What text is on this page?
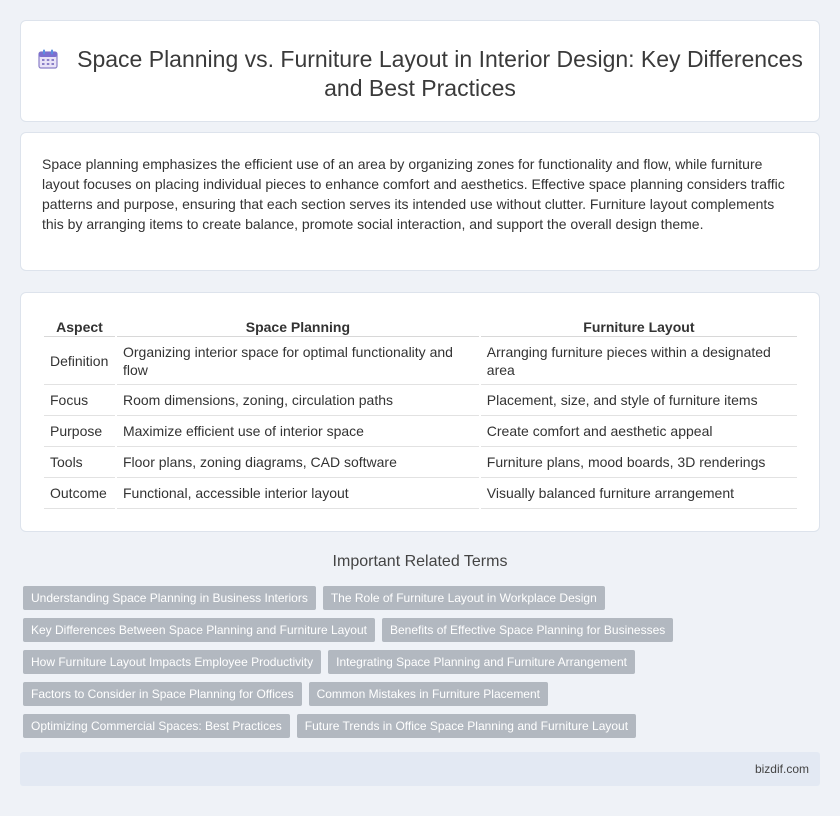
Space Planning vs. Furniture Layout in Interior Design: Key Differences and Best Practices

Space planning emphasizes the efficient use of an area by organizing zones for functionality and flow, while furniture layout focuses on placing individual pieces to enhance comfort and aesthetics. Effective space planning considers traffic patterns and purpose, ensuring that each section serves its intended use without clutter. Furniture layout complements this by arranging items to create balance, promote social interaction, and support the overall design theme.

Aspect	Space Planning	Furniture Layout
Definition	Organizing interior space for optimal functionality and flow	Arranging furniture pieces within a designated area
Focus	Room dimensions, zoning, circulation paths	Placement, size, and style of furniture items
Purpose	Maximize efficient use of interior space	Create comfort and aesthetic appeal
Tools	Floor plans, zoning diagrams, CAD software	Furniture plans, mood boards, 3D renderings
Outcome	Functional, accessible interior layout	Visually balanced furniture arrangement
Important Related Terms
Understanding Space Planning in Business Interiors	The Role of Furniture Layout in Workplace Design
Key Differences Between Space Planning and Furniture Layout	Benefits of Effective Space Planning for Businesses
How Furniture Layout Impacts Employee Productivity	Integrating Space Planning and Furniture Arrangement
Factors to Consider in Space Planning for Offices	Common Mistakes in Furniture Placement
Optimizing Commercial Spaces: Best Practices	Future Trends in Office Space Planning and Furniture Layout
bizdif.com
